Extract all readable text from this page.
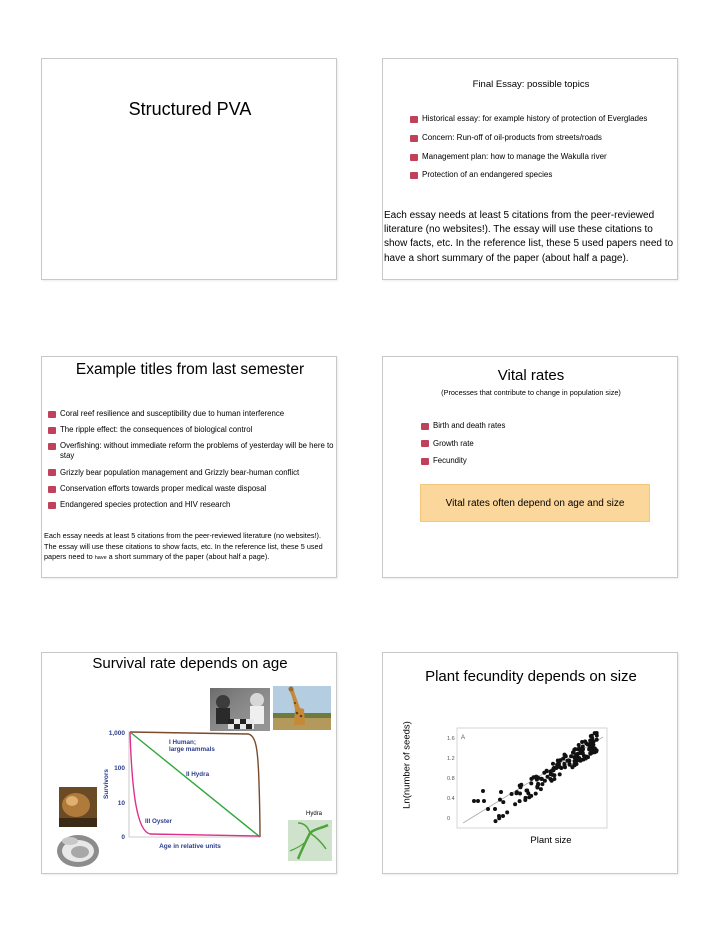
Structured PVA
Final Essay: possible topics
Historical essay: for example history of protection of Everglades
Concern: Run-off of oil-products from streets/roads
Management plan: how to manage the Wakulla river
Protection of an endangered species
Each essay needs at least 5 citations from the peer-reviewed literature (no websites!). The essay will use these citations to show facts, etc. In the reference list, these 5 used papers need to have a short summary of the paper (about half a page).
Example titles from last semester
Coral reef resilience and susceptibility due to human interference
The ripple effect: the consequences of biological control
Overfishing: without immediate reform the problems of yesterday will be here to stay
Grizzly bear population management and Grizzly bear-human conflict
Conservation efforts towards proper medical waste disposal
Endangered species protection and HIV research
Each essay needs at least 5 citations from the peer-reviewed literature (no websites!). The essay will use these citations to show facts, etc. In the reference list, these 5 used papers need to have a short summary of the paper (about half a page).
Vital rates
(Processes that contribute to change in population size)
Birth and death rates
Growth rate
Fecundity
Vital rates often depend on age and size
Survival rate depends on age
Hydra
1,000
100
10
0
Survivors
Age in relative units
I Human; large mammals
II Hydra
III Oyster
Plant fecundity depends on size
A
1.6
1.2
0.8
0.4
0
Ln(number of seeds)
Plant size
